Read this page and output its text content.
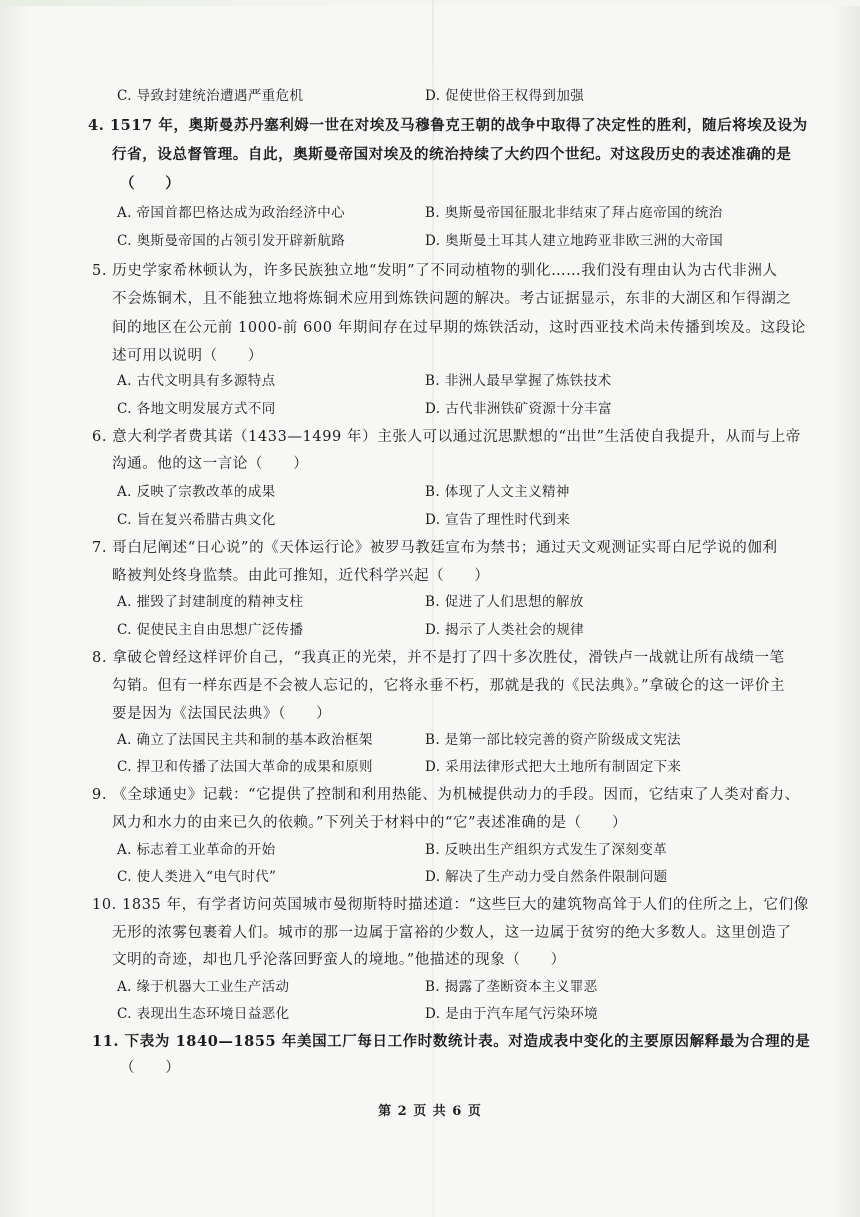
C. 导致封建统治遭遇严重危机	D. 促使世俗王权得到加强
4. 1517 年，奥斯曼苏丹塞利姆一世在对埃及马穆鲁克王朝的战争中取得了决定性的胜利，随后将埃及设为
行省，设总督管理。自此，奥斯曼帝国对埃及的统治持续了大约四个世纪。对这段历史的表述准确的是
（　　）
A. 帝国首都巴格达成为政治经济中心	B. 奥斯曼帝国征服北非结束了拜占庭帝国的统治
C. 奥斯曼帝国的占领引发开辟新航路	D. 奥斯曼土耳其人建立地跨亚非欧三洲的大帝国
5. 历史学家希林顿认为，许多民族独立地“发明”了不同动植物的驯化……我们没有理由认为古代非洲人
不会炼铜术，且不能独立地将炼铜术应用到炼铁问题的解决。考古证据显示，东非的大湖区和乍得湖之
间的地区在公元前 1000-前 600 年期间存在过早期的炼铁活动，这时西亚技术尚未传播到埃及。这段论
述可用以说明（　　）
A. 古代文明具有多源特点	B. 非洲人最早掌握了炼铁技术
C. 各地文明发展方式不同	D. 古代非洲铁矿资源十分丰富
6. 意大利学者费其诺（1433—1499 年）主张人可以通过沉思默想的“出世”生活使自我提升，从而与上帝
沟通。他的这一言论（　　）
A. 反映了宗教改革的成果	B. 体现了人文主义精神
C. 旨在复兴希腊古典文化	D. 宣告了理性时代到来
7. 哥白尼阐述“日心说”的《天体运行论》被罗马教廷宣布为禁书；通过天文观测证实哥白尼学说的伽利
略被判处终身监禁。由此可推知，近代科学兴起（　　）
A. 摧毁了封建制度的精神支柱	B. 促进了人们思想的解放
C. 促使民主自由思想广泛传播	D. 揭示了人类社会的规律
8. 拿破仑曾经这样评价自己，“我真正的光荣，并不是打了四十多次胜仗，滑铁卢一战就让所有战绩一笔
勾销。但有一样东西是不会被人忘记的，它将永垂不朽，那就是我的《民法典》。”拿破仑的这一评价主
要是因为《法国民法典》（　　）
A. 确立了法国民主共和制的基本政治框架	B. 是第一部比较完善的资产阶级成文宪法
C. 捍卫和传播了法国大革命的成果和原则	D. 采用法律形式把大土地所有制固定下来
9. 《全球通史》记载：“它提供了控制和利用热能、为机械提供动力的手段。因而，它结束了人类对畜力、
风力和水力的由来已久的依赖。”下列关于材料中的“它”表述准确的是（　　）
A. 标志着工业革命的开始	B. 反映出生产组织方式发生了深刻变革
C. 使人类进入“电气时代”	D. 解决了生产动力受自然条件限制问题
10. 1835 年，有学者访问英国城市曼彻斯特时描述道：“这些巨大的建筑物高耸于人们的住所之上，它们像
无形的浓雾包裹着人们。城市的那一边属于富裕的少数人，这一边属于贫穷的绝大多数人。这里创造了
文明的奇迹，却也几乎沦落回野蛮人的境地。”他描述的现象（　　）
A. 缘于机器大工业生产活动	B. 揭露了垄断资本主义罪恶
C. 表现出生态环境日益恶化	D. 是由于汽车尾气污染环境
11. 下表为 1840—1855 年美国工厂每日工作时数统计表。对造成表中变化的主要原因解释最为合理的是
（　　）
第 2 页 共 6 页
